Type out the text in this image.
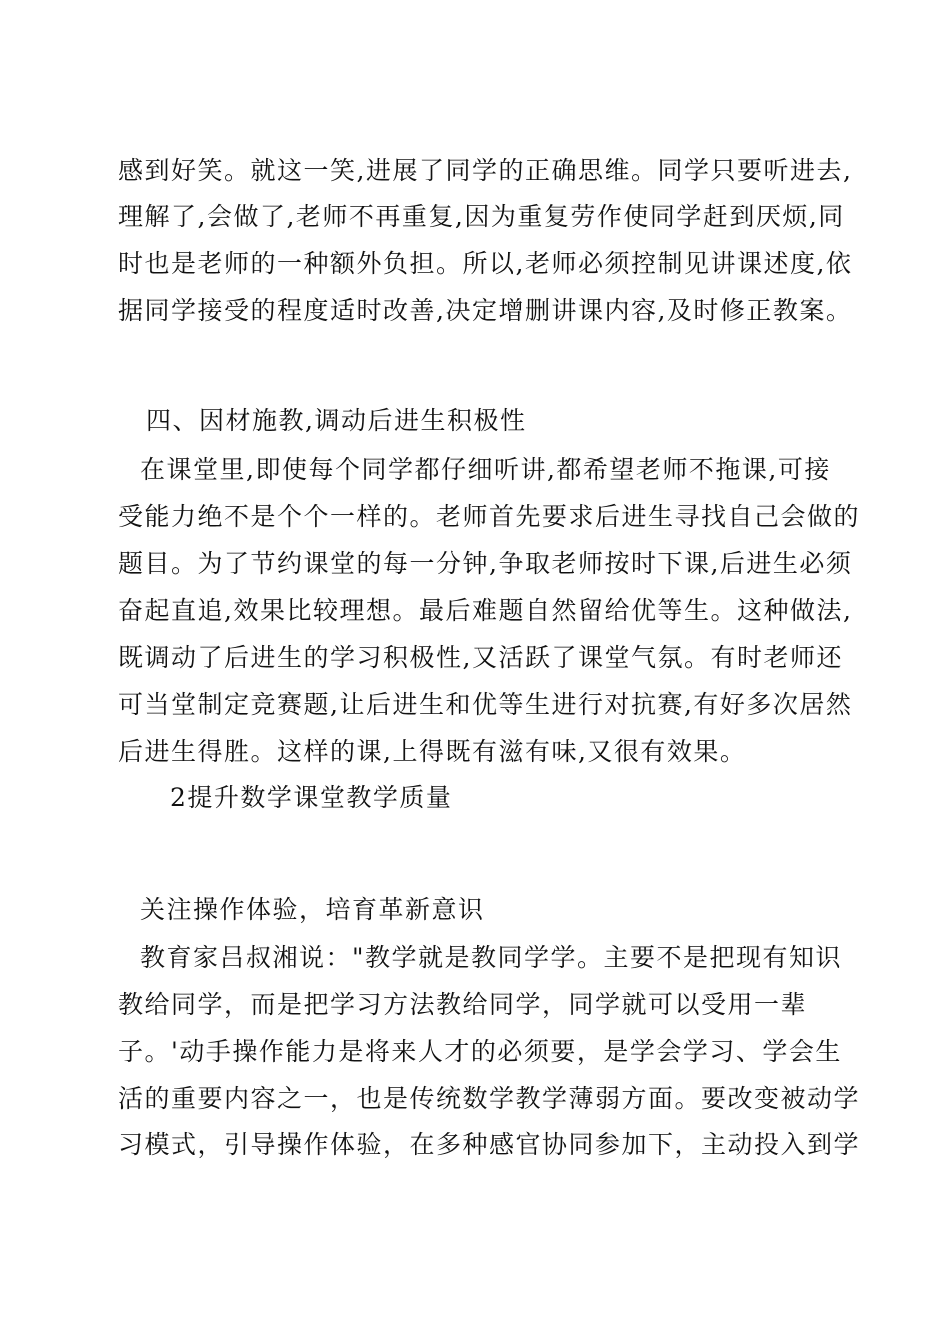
感到好笑。就这一笑,进展了同学的正确思维。同学只要听进去,
理解了,会做了,老师不再重复,因为重复劳作使同学赶到厌烦,同
时也是老师的一种额外负担。所以,老师必须控制见讲课述度,依
据同学接受的程度适时改善,决定增删讲课内容,及时修正教案。
四、因材施教,调动后进生积极性
在课堂里,即使每个同学都仔细听讲,都希望老师不拖课,可接
受能力绝不是个个一样的。老师首先要求后进生寻找自己会做的
题目。为了节约课堂的每一分钟,争取老师按时下课,后进生必须
奋起直追,效果比较理想。最后难题自然留给优等生。这种做法,
既调动了后进生的学习积极性,又活跃了课堂气氛。有时老师还
可当堂制定竞赛题,让后进生和优等生进行对抗赛,有好多次居然
后进生得胜。这样的课,上得既有滋有味,又很有效果。
2提升数学课堂教学质量
关注操作体验，培育革新意识
教育家吕叔湘说："教学就是教同学学。主要不是把现有知识
教给同学，而是把学习方法教给同学，同学就可以受用一辈
子。'动手操作能力是将来人才的必须要，是学会学习、学会生
活的重要内容之一，也是传统数学教学薄弱方面。要改变被动学
习模式，引导操作体验，在多种感官协同参加下，主动投入到学
